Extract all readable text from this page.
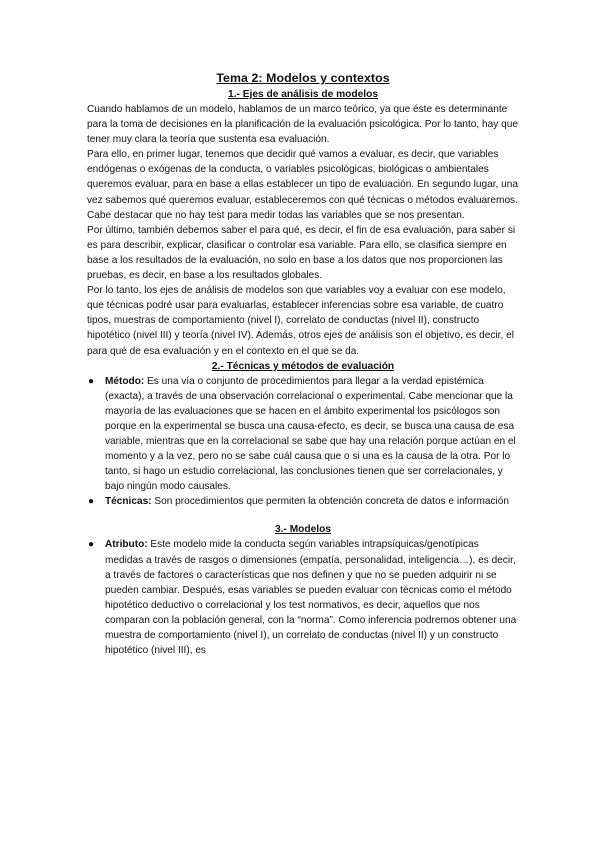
Tema 2: Modelos y contextos
1.- Ejes de análisis de modelos

Cuando hablamos de un modelo, hablamos de un marco teórico, ya que éste es determinante para la toma de decisiones en la planificación de la evaluación psicológica. Por lo tanto, hay que tener muy clara la teoría que sustenta esa evaluación.

Para ello, en primer lugar, tenemos que decidir qué vamos a evaluar, es decir, que variables endógenas o exógenas de la conducta, o variables psicológicas, biológicas o ambientales queremos evaluar, para en base a ellas establecer un tipo de evaluación. En segundo lugar, una vez sabemos qué queremos evaluar, estableceremos con qué técnicas o métodos evaluaremos. Cabe destacar que no hay test para medir todas las variables que se nos presentan.

Por último, también debemos saber el para qué, es decir, el fin de esa evaluación, para saber si es para describir, explicar, clasificar o controlar esa variable. Para ello, se clasifica siempre en base a los resultados de la evaluación, no solo en base a los datos que nos proporcionen las pruebas, es decir, en base a los resultados globales.

Por lo tanto, los ejes de análisis de modelos son que variables voy a evaluar con ese modelo, que técnicas podré usar para evaluarlas, establecer inferencias sobre esa variable, de cuatro tipos, muestras de comportamiento (nivel I), correlato de conductas (nivel II), constructo hipotético (nivel III) y teoría (nivel IV). Además, otros ejes de análisis son el objetivo, es decir, el para qué de esa evaluación y en el contexto en el que se da.

2.- Técnicas y métodos de evaluación
● Método: Es una vía o conjunto de procedimientos para llegar a la verdad epistémica (exacta), a través de una observación correlacional o experimental. Cabe mencionar que la mayoría de las evaluaciones que se hacen en el ámbito experimental los psicólogos son porque en la experimental se busca una causa-efecto, es decir, se busca una causa de esa variable, mientras que en la correlacional se sabe que hay una relación porque actúan en el momento y a la vez, pero no se sabe cuál causa que o si una es la causa de la otra. Por lo tanto, si hago un estudio correlacional, las conclusiones tienen que ser correlacionales, y bajo ningún modo causales.
● Técnicas: Son procedimientos que permiten la obtención concreta de datos e información
3.- Modelos
● Atributo: Este modelo mide la conducta según variables intrapsíquicas/genotípicas medidas a través de rasgos o dimensiones (empatía, personalidad, inteligencia…), es decir, a través de factores o características que nos definen y que no se pueden adquirir ni se pueden cambiar. Después, esas variables se pueden evaluar con técnicas como el método hipotético deductivo o correlacional y los test normativos, es decir, aquellos que nos comparan con la población general, con la “norma”. Como inferencia podremos obtener una muestra de comportamiento (nivel I), un correlato de conductas (nivel II) y un constructo hipotético (nivel III), es
